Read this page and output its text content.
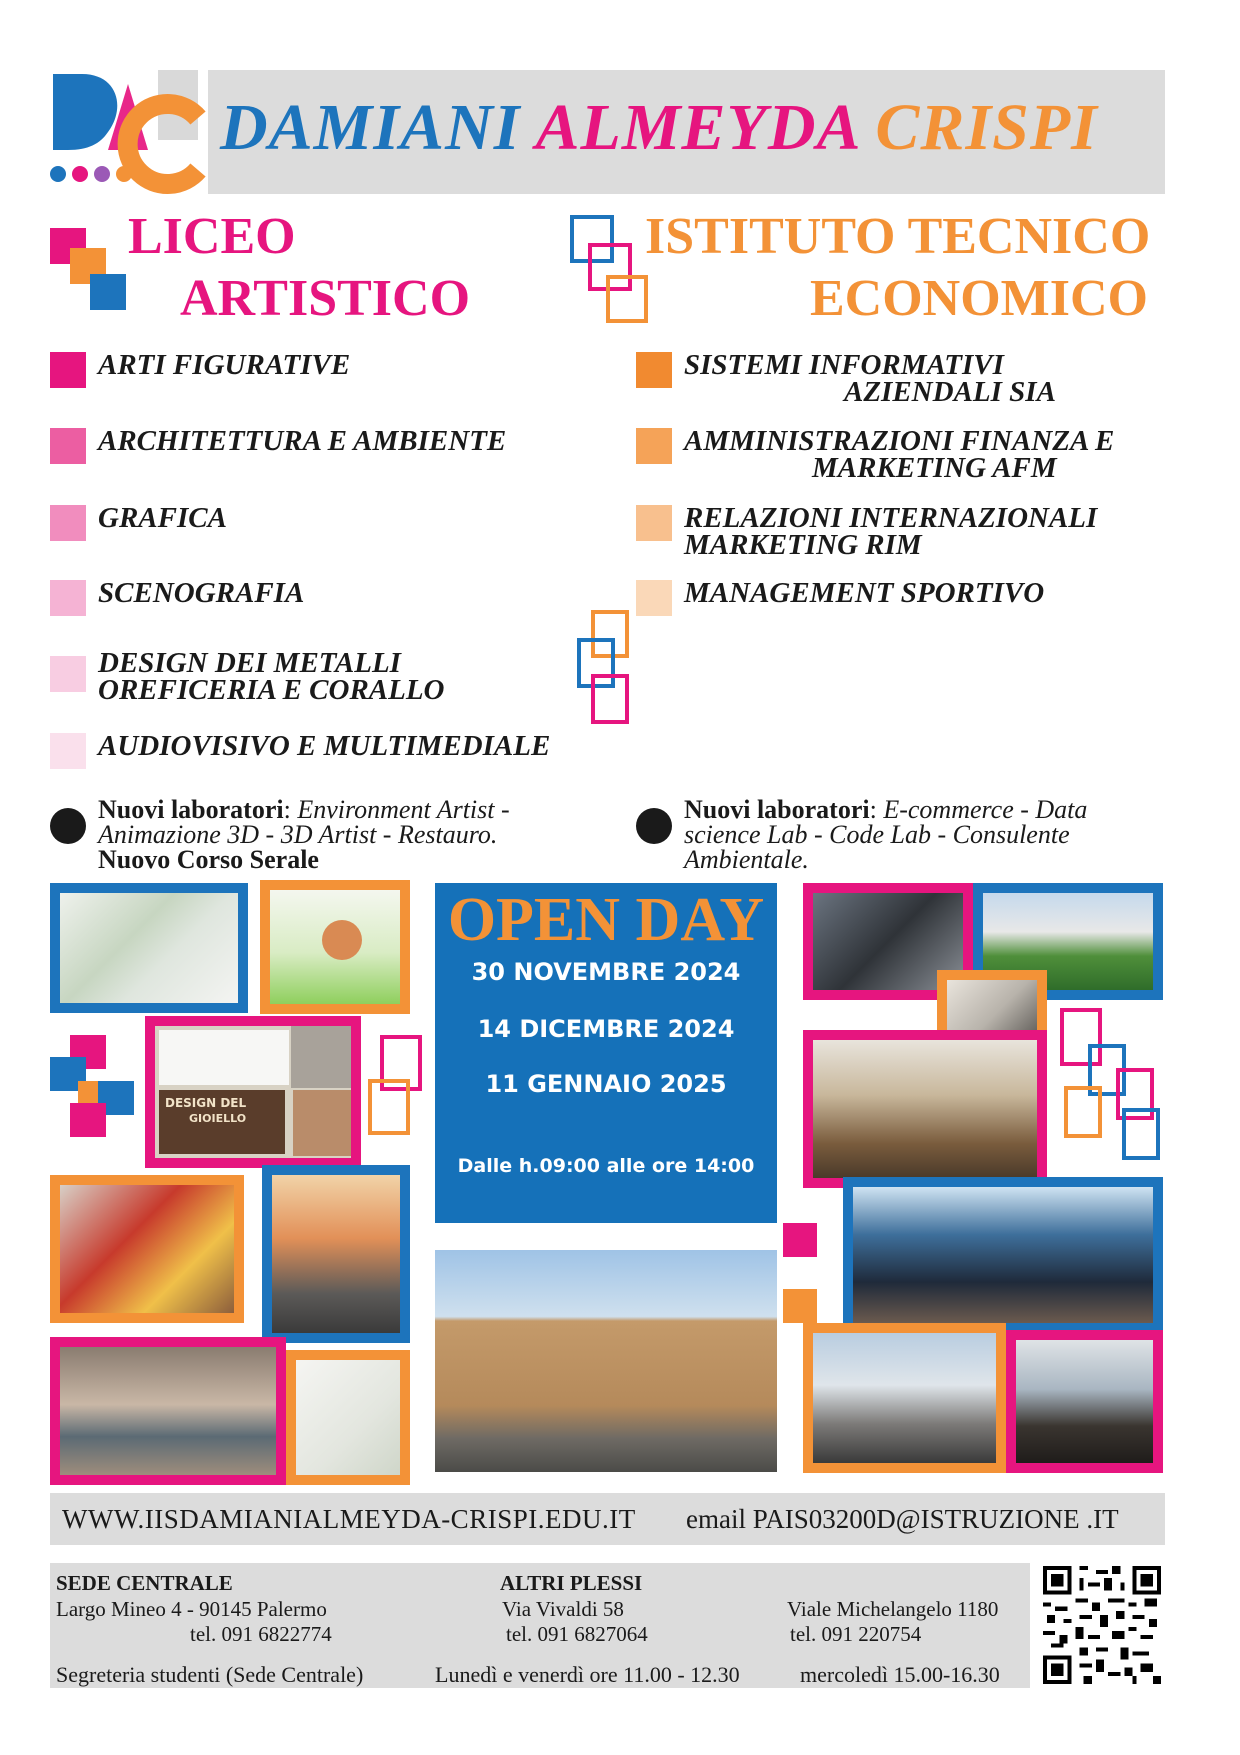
DAMIANI ALMEYDA CRISPI
LICEO
ARTISTICO
ISTITUTO TECNICO
ECONOMICO
ARTI FIGURATIVE
ARCHITETTURA E AMBIENTE
GRAFICA
SCENOGRAFIA
DESIGN DEI METALLI
OREFICERIA E CORALLO
AUDIOVISIVO E MULTIMEDIALE
SISTEMI INFORMATIVI
AZIENDALI SIA
AMMINISTRAZIONI FINANZA E
MARKETING AFM
RELAZIONI INTERNAZIONALI
MARKETING RIM
MANAGEMENT SPORTIVO
Nuovi laboratori: Environment Artist -
Animazione 3D - 3D Artist - Restauro.
Nuovo Corso Serale
Nuovi laboratori: E-commerce - Data
science Lab - Code Lab - Consulente
Ambientale.
DESIGN DEL
GIOIELLO
OPEN DAY
30 NOVEMBRE 2024
14 DICEMBRE 2024
11 GENNAIO 2025
Dalle h.09:00 alle ore 14:00
WWW.IISDAMIANIALMEYDA-CRISPI.EDU.IT email PAIS03200D@ISTRUZIONE .IT
SEDE CENTRALE
Largo Mineo 4 - 90145 Palermo
tel. 091 6822774
ALTRI PLESSI
Via Vivaldi 58
tel. 091 6827064
Viale Michelangelo 1180
tel. 091 220754
Segreteria studenti (Sede Centrale)	Lunedì e venerdì ore 11.00 - 12.30	mercoledì 15.00-16.30
